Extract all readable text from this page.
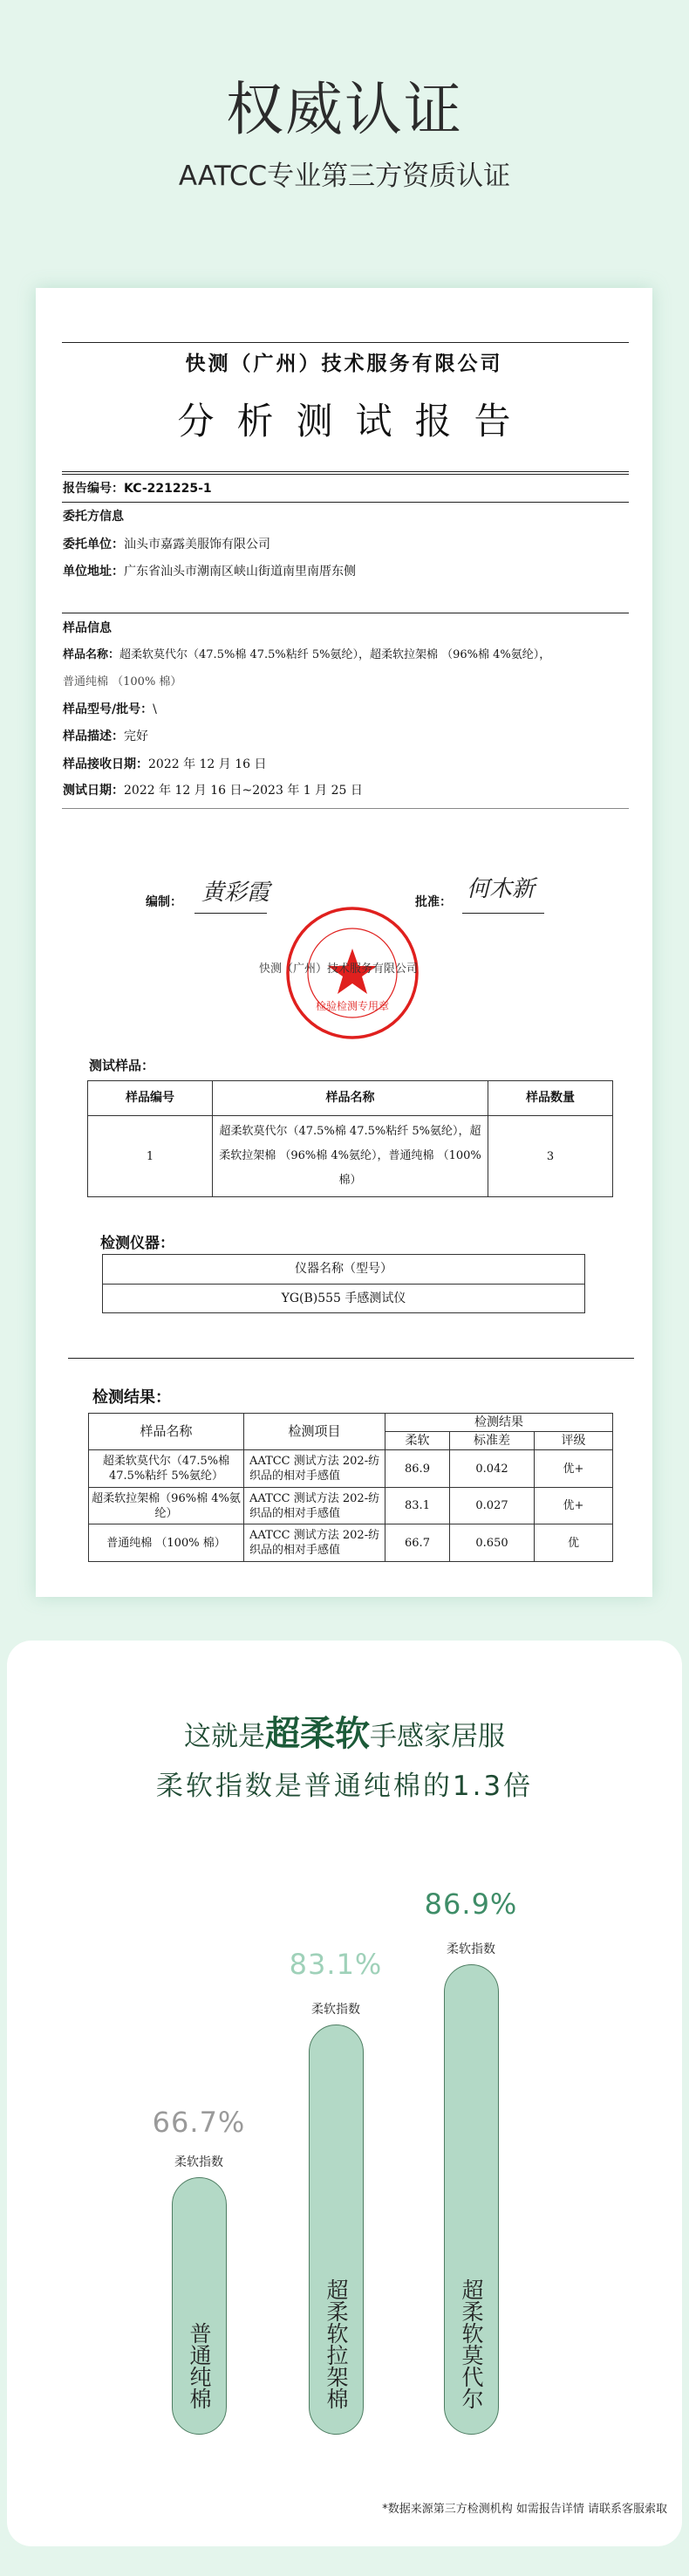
权威认证
AATCC专业第三方资质认证
快测（广州）技术服务有限公司
分析测试报告
报告编号：KC-221225-1
委托方信息
委托单位：汕头市嘉露美服饰有限公司
单位地址：广东省汕头市潮南区峡山街道南里南厝东侧
样品信息
样品名称：超柔软莫代尔（47.5%棉 47.5%粘纤 5%氨纶），超柔软拉架棉 （96%棉 4%氨纶），
普通纯棉 （100% 棉）
样品型号/批号：\
样品描述：完好
样品接收日期：2022 年 12 月 16 日
测试日期：2022 年 12 月 16 日~2023 年 1 月 25 日
编制： 黄彩霞	批准： 何木新
检验检测专用章
快测（广州）技术服务有限公司
测试样品：
样品编号	样品名称	样品数量
1	超柔软莫代尔（47.5%棉 47.5%粘纤 5%氨纶），超柔软拉架棉 （96%棉 4%氨纶），普通纯棉 （100% 棉）	3
检测仪器：
仪器名称（型号）
YG(B)555 手感测试仪
检测结果：
样品名称	检测项目	检测结果		
		柔软	标准差	评级
超柔软莫代尔（47.5%棉 47.5%粘纤 5%氨纶）	AATCC 测试方法 202-纺织品的相对手感值	86.9	0.042	优+
超柔软拉架棉（96%棉 4%氨纶）	AATCC 测试方法 202-纺织品的相对手感值	83.1	0.027	优+
普通纯棉 （100% 棉）	AATCC 测试方法 202-纺织品的相对手感值	66.7	0.650	优
这就是超柔软手感家居服
柔软指数是普通纯棉的1.3倍
普通纯棉
柔软指数
66.7%
超柔软拉架棉
柔软指数
83.1%
超柔软莫代尔
柔软指数
86.9%
*数据来源第三方检测机构 如需报告详情 请联系客服索取
